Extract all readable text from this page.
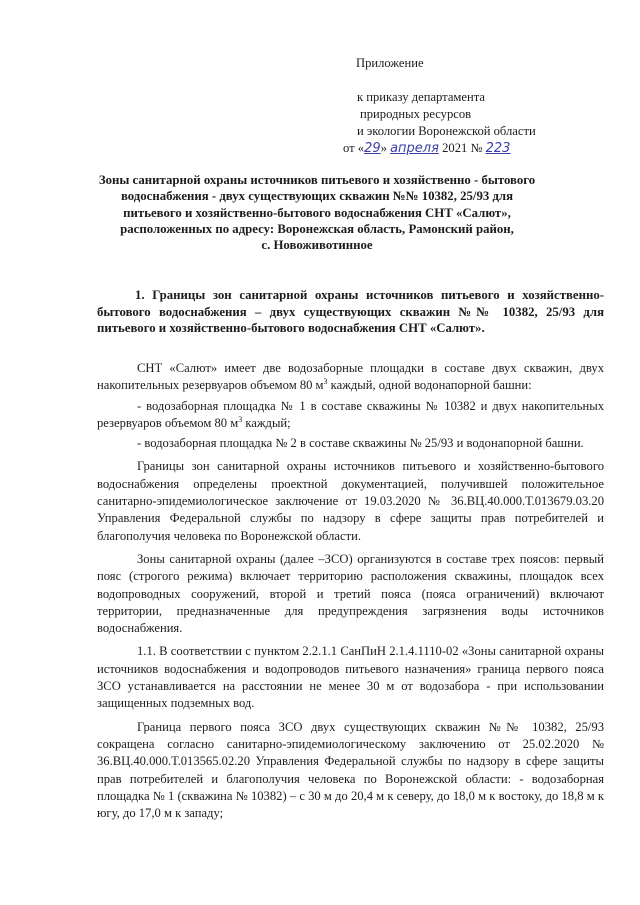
Приложение
к приказу департамента
природных ресурсов
и экологии Воронежской области
от «29» апреля 2021 № 223
Зоны санитарной охраны источников питьевого и хозяйственно - бытового
водоснабжения - двух существующих скважин №№ 10382, 25/93 для
питьевого и хозяйственно-бытового водоснабжения СНТ «Салют»,
расположенных по адресу: Воронежская область, Рамонский район,
с. Новоживотинное
1. Границы зон санитарной охраны источников питьевого и хозяйственно-бытового водоснабжения – двух существующих скважин №№ 10382, 25/93 для питьевого и хозяйственно-бытового водоснабжения СНТ «Салют».

СНТ «Салют» имеет две водозаборные площадки в составе двух скважин, двух накопительных резервуаров объемом 80 $м^3$ каждый, одной водонапорной башни:

- водозаборная площадка № 1 в составе скважины № 10382 и двух накопительных резервуаров объемом 80 $м^3$ каждый;

- водозаборная площадка № 2 в составе скважины № 25/93 и водонапорной башни.

Границы зон санитарной охраны источников питьевого и хозяйственно-бытового водоснабжения определены проектной документацией, получившей положительное санитарно-эпидемиологическое заключение от 19.03.2020 № 36.ВЦ.40.000.Т.013679.03.20 Управления Федеральной службы по надзору в сфере защиты прав потребителей и благополучия человека по Воронежской области.

Зоны санитарной охраны (далее –ЗСО) организуются в составе трех поясов: первый пояс (строгого режима) включает территорию расположения скважины, площадок всех водопроводных сооружений, второй и третий пояса (пояса ограничений) включают территории, предназначенные для предупреждения загрязнения воды источников водоснабжения.

1.1. В соответствии с пунктом 2.2.1.1 СанПиН 2.1.4.1110-02 «Зоны санитарной охраны источников водоснабжения и водопроводов питьевого назначения» граница первого пояса ЗСО устанавливается на расстоянии не менее 30 м от водозабора - при использовании защищенных подземных вод.

Граница первого пояса ЗСО двух существующих скважин №№ 10382, 25/93 сокращена согласно санитарно-эпидемиологическому заключению от 25.02.2020 № 36.ВЦ.40.000.Т.013565.02.20 Управления Федеральной службы по надзору в сфере защиты прав потребителей и благополучия человека по Воронежской области: - водозаборная площадка № 1 (скважина № 10382) – с 30 м до 20,4 м к северу, до 18,0 м к востоку, до 18,8 м к югу, до 17,0 м к западу;
